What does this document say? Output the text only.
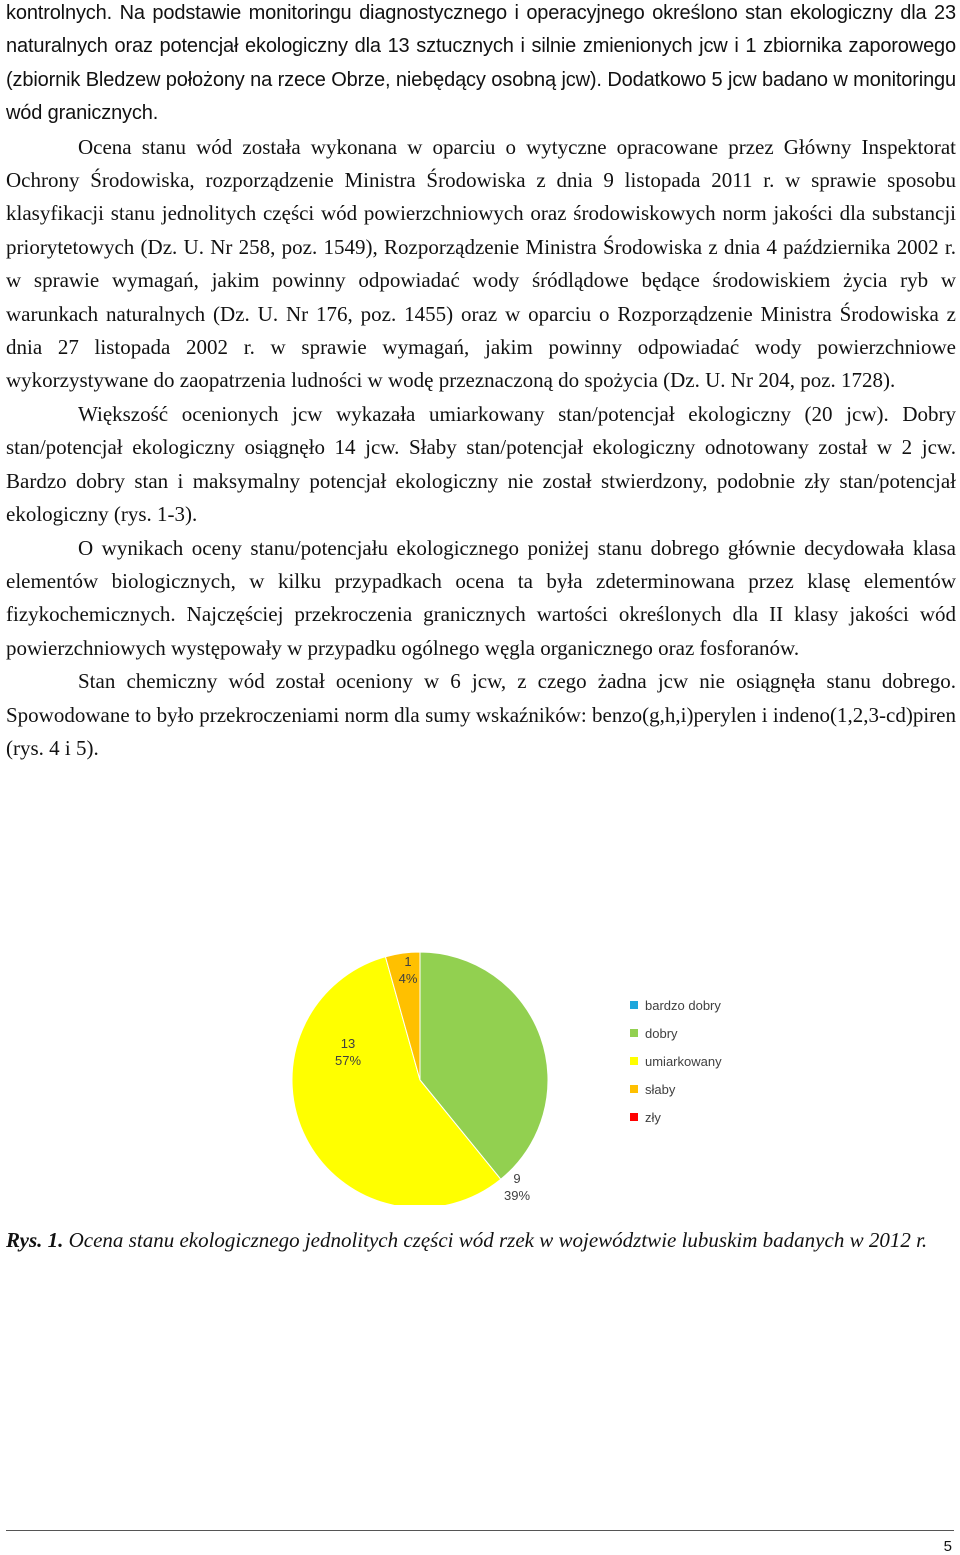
kontrolnych. Na podstawie monitoringu diagnostycznego i operacyjnego określono stan ekologiczny dla 23 naturalnych oraz potencjał ekologiczny dla 13 sztucznych i silnie zmienionych jcw i 1 zbiornika zaporowego (zbiornik Bledzew położony na rzece Obrze, niebędący osobną jcw). Dodatkowo 5 jcw badano w monitoringu wód granicznych.

Ocena stanu wód została wykonana w oparciu o wytyczne opracowane przez Główny Inspektorat Ochrony Środowiska, rozporządzenie Ministra Środowiska z dnia 9 listopada 2011 r. w sprawie sposobu klasyfikacji stanu jednolitych części wód powierzchniowych oraz środowiskowych norm jakości dla substancji priorytetowych (Dz. U. Nr 258, poz. 1549), Rozporządzenie Ministra Środowiska z dnia 4 października 2002 r. w sprawie wymagań, jakim powinny odpowiadać wody śródlądowe będące środowiskiem życia ryb w warunkach naturalnych (Dz. U. Nr 176, poz. 1455) oraz w oparciu o Rozporządzenie Ministra Środowiska z dnia 27 listopada 2002 r. w sprawie wymagań, jakim powinny odpowiadać wody powierzchniowe wykorzystywane do zaopatrzenia ludności w wodę przeznaczoną do spożycia (Dz. U. Nr 204, poz. 1728).

Większość ocenionych jcw wykazała umiarkowany stan/potencjał ekologiczny (20 jcw). Dobry stan/potencjał ekologiczny osiągnęło 14 jcw. Słaby stan/potencjał ekologiczny odnotowany został w 2 jcw. Bardzo dobry stan i maksymalny potencjał ekologiczny nie został stwierdzony, podobnie zły stan/potencjał ekologiczny (rys. 1-3).

O wynikach oceny stanu/potencjału ekologicznego poniżej stanu dobrego głównie decydowała klasa elementów biologicznych, w kilku przypadkach ocena ta była zdeterminowana przez klasę elementów fizykochemicznych. Najczęściej przekroczenia granicznych wartości określonych dla II klasy jakości wód powierzchniowych występowały w przypadku ogólnego węgla organicznego oraz fosforanów.

Stan chemiczny wód został oceniony w 6 jcw, z czego żadna jcw nie osiągnęła stanu dobrego. Spowodowane to było przekroczeniami norm dla sumy wskaźników: benzo(g,h,i)perylen i indeno(1,2,3-cd)piren (rys. 4 i 5).

9
39%
13
57%
1
4%
bardzo dobry
dobry
umiarkowany
słaby
zły
Rys. 1. Ocena stanu ekologicznego jednolitych części wód rzek w województwie lubuskim badanych w 2012 r.
5
